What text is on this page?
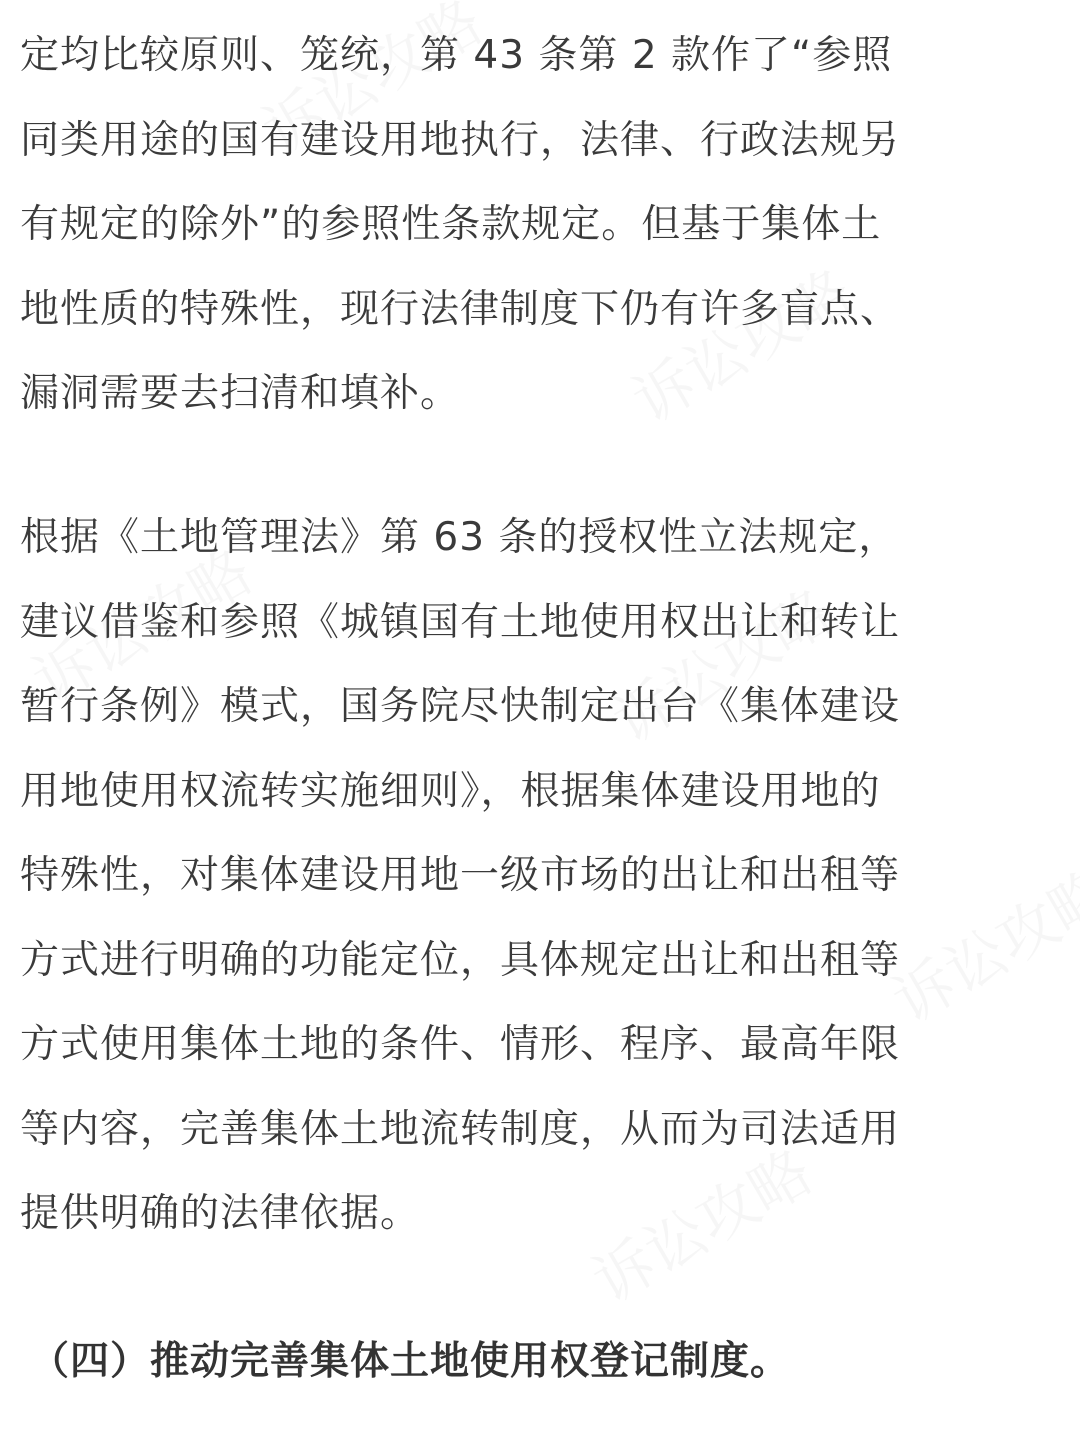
定均比较原则、笼统，第 43 条第 2 款作了“参照
同类用途的国有建设用地执行，法律、行政法规另
有规定的除外”的参照性条款规定。但基于集体土
地性质的特殊性，现行法律制度下仍有许多盲点、
漏洞需要去扫清和填补。

根据《土地管理法》第 63 条的授权性立法规定，
建议借鉴和参照《城镇国有土地使用权出让和转让
暂行条例》模式，国务院尽快制定出台《集体建设
用地使用权流转实施细则》，根据集体建设用地的
特殊性，对集体建设用地一级市场的出让和出租等
方式进行明确的功能定位，具体规定出让和出租等
方式使用集体土地的条件、情形、程序、最高年限
等内容，完善集体土地流转制度，从而为司法适用
提供明确的法律依据。

（四）推动完善集体土地使用权登记制度。
